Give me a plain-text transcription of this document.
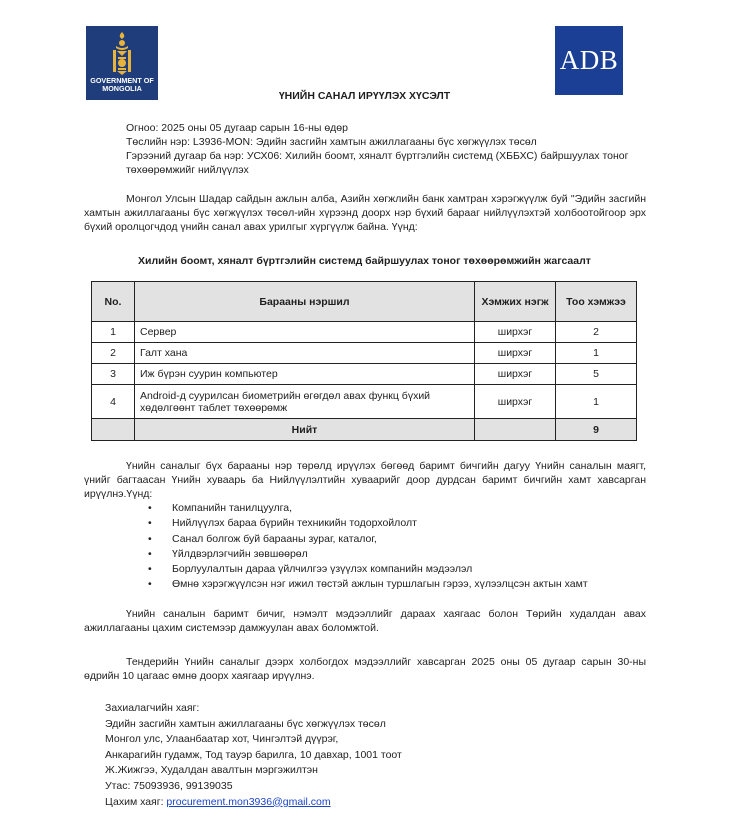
GOVERNMENT OF MONGOLIA
ADB
ҮНИЙН САНАЛ ИРҮҮЛЭХ ХҮСЭЛТ
Огноо: 2025 оны 05 дугаар сарын 16-ны өдөр
Төслийн нэр: L3936-MON: Эдийн засгийн хамтын ажиллагааны бүс хөгжүүлэх төсөл
Гэрээний дугаар ба нэр: УСХ06: Хилийн боомт, хяналт бүртгэлийн системд (ХББХС) байршуулах тоног төхөөрөмжийг нийлүүлэх
Монгол Улсын Шадар сайдын ажлын алба, Азийн хөгжлийн банк хамтран хэрэгжүүлж буй "Эдийн засгийн хамтын ажиллагааны бүс хөгжүүлэх төсөл-ийн хүрээнд доорх нэр бүхий барааг нийлүүлэхтэй холбоотойгоор эрх бүхий оролцогчдод үнийн санал авах урилгыг хүргүүлж байна. Үүнд:
Хилийн боомт, хяналт бүртгэлийн системд байршуулах тоног төхөөрөмжийн жагсаалт
No.	Барааны нэршил	Хэмжих нэгж	Тоо хэмжээ
1	Сервер	ширхэг	2
2	Галт хана	ширхэг	1
3	Иж бүрэн суурин компьютер	ширхэг	5
4	Android-д суурилсан биометрийн өгөгдөл авах функц бүхий хөдөлгөөнт таблет төхөөрөмж	ширхэг	1
	Нийт		9
Үнийн саналыг бүх барааны нэр төрөлд ирүүлэх бөгөөд баримт бичгийн дагуу Үнийн саналын маягт, үнийг багтаасан Үнийн хуваарь ба Нийлүүлэлтийн хуваарийг доор дурдсан баримт бичгийн хамт хавсарган ирүүлнэ.Үүнд:
• Компанийн танилцуулга,
• Нийлүүлэх бараа бүрийн техникийн тодорхойлолт
• Санал болгож буй барааны зураг, каталог,
• Үйлдвэрлэгчийн зөвшөөрөл
• Борлуулалтын дараа үйлчилгээ үзүүлэх компанийн мэдээлэл
• Өмнө хэрэгжүүлсэн нэг ижил төстэй ажлын туршлагын гэрээ, хүлээлцсэн актын хамт
Үнийн саналын баримт бичиг, нэмэлт мэдээллийг дараах хаягаас болон Төрийн худалдан авах ажиллагааны цахим системээр дамжуулан авах боломжтой.
Тендерийн Үнийн саналыг дээрх холбогдох мэдээллийг хавсарган 2025 оны 05 дугаар сарын 30-ны өдрийн 10 цагаас өмнө доорх хаягаар ирүүлнэ.
Захиалагчийн хаяг:
Эдийн засгийн хамтын ажиллагааны бүс хөгжүүлэх төсөл
Монгол улс, Улаанбаатар хот, Чингэлтэй дүүрэг,
Анкарагийн гудамж, Тод тауэр барилга, 10 давхар, 1001 тоот
Ж.Жижгээ, Худалдан авалтын мэргэжилтэн
Утас: 75093936, 99139035
Цахим хаяг: procurement.mon3936@gmail.com
